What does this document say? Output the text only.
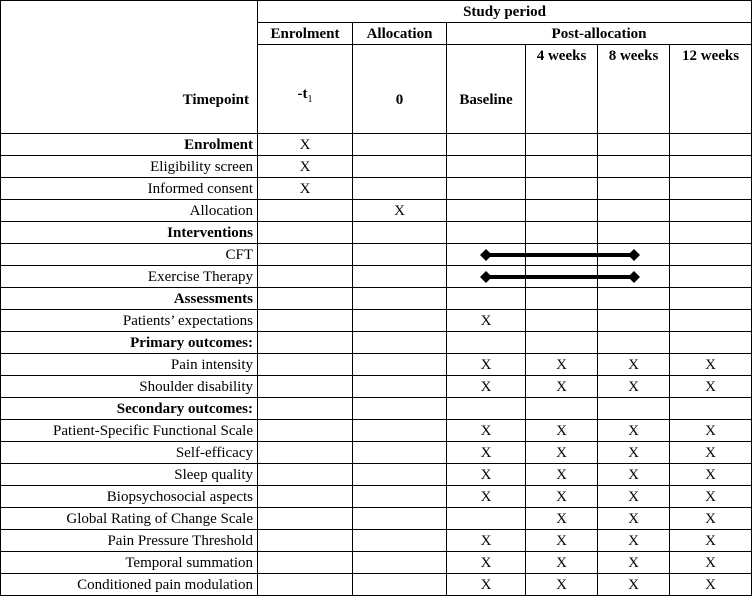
Timepoint	Study period					
	Enrolment	Allocation	Post-allocation			
	$-t_1$	0	Baseline	4 weeks	8 weeks	12 weeks
Enrolment	X					
Eligibility screen	X					
Informed consent	X					
Allocation		X				
Interventions						
CFT			

Exercise Therapy			

Assessments						
Patients’ expectations			X			
Primary outcomes:						
Pain intensity			X	X	X	X
Shoulder disability			X	X	X	X
Secondary outcomes:						
Patient-Specific Functional Scale			X	X	X	X
Self-efficacy			X	X	X	X
Sleep quality			X	X	X	X
Biopsychosocial aspects			X	X	X	X
Global Rating of Change Scale				X	X	X
Pain Pressure Threshold			X	X	X	X
Temporal summation			X	X	X	X
Conditioned pain modulation			X	X	X	X
